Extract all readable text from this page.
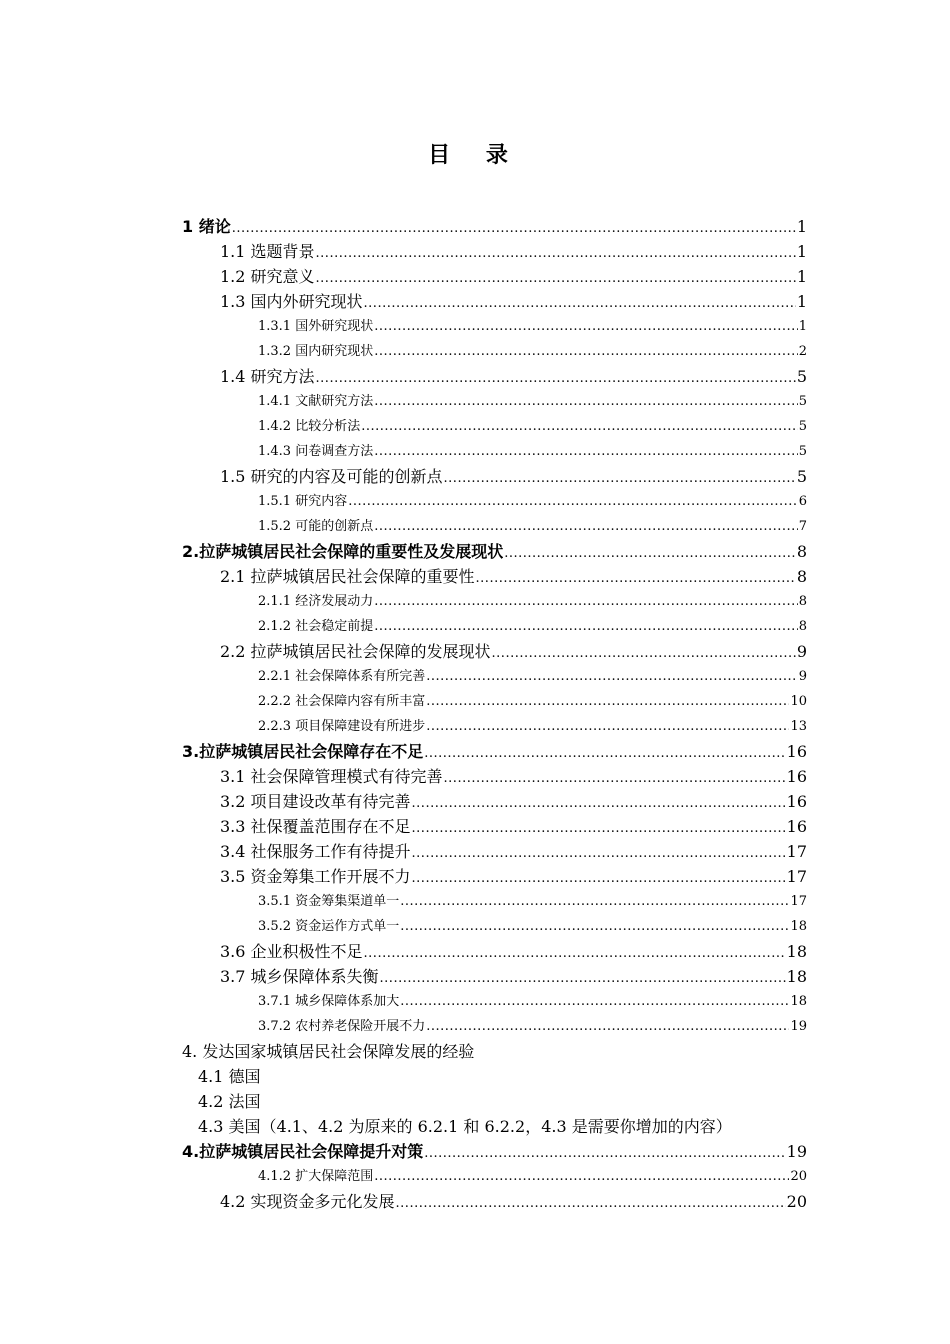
目 录
1 绪论 .....	1
1.1 选题背景 .....	1
1.2 研究意义 .....	1
1.3 国内外研究现状 .....	1
1.3.1 国外研究现状 .....	1
1.3.2 国内研究现状 .....	2
1.4 研究方法 .....	5
1.4.1 文献研究方法 .....	5
1.4.2 比较分析法 .....	5
1.4.3 问卷调查方法 .....	5
1.5 研究的内容及可能的创新点 .....	5
1.5.1 研究内容 .....	6
1.5.2 可能的创新点 .....	7
2.拉萨城镇居民社会保障的重要性及发展现状 .....	8
2.1 拉萨城镇居民社会保障的重要性 .....	8
2.1.1 经济发展动力 .....	8
2.1.2 社会稳定前提 .....	8
2.2 拉萨城镇居民社会保障的发展现状 .....	9
2.2.1 社会保障体系有所完善 .....	9
2.2.2 社会保障内容有所丰富 .....	10
2.2.3 项目保障建设有所进步 .....	13
3.拉萨城镇居民社会保障存在不足 .....	16
3.1 社会保障管理模式有待完善 .....	16
3.2 项目建设改革有待完善 .....	16
3.3 社保覆盖范围存在不足 .....	16
3.4 社保服务工作有待提升 .....	17
3.5 资金筹集工作开展不力 .....	17
3.5.1 资金筹集渠道单一 .....	17
3.5.2 资金运作方式单一 .....	18
3.6 企业积极性不足 .....	18
3.7 城乡保障体系失衡 .....	18
3.7.1 城乡保障体系加大 .....	18
3.7.2 农村养老保险开展不力 .....	19
4. 发达国家城镇居民社会保障发展的经验
4.1 德国
4.2 法国
4.3 美国（4.1、4.2 为原来的 6.2.1 和 6.2.2，4.3 是需要你增加的内容）
4.拉萨城镇居民社会保障提升对策 .....	19
4.1.2 扩大保障范围 .....	20
4.2 实现资金多元化发展 .....	20
